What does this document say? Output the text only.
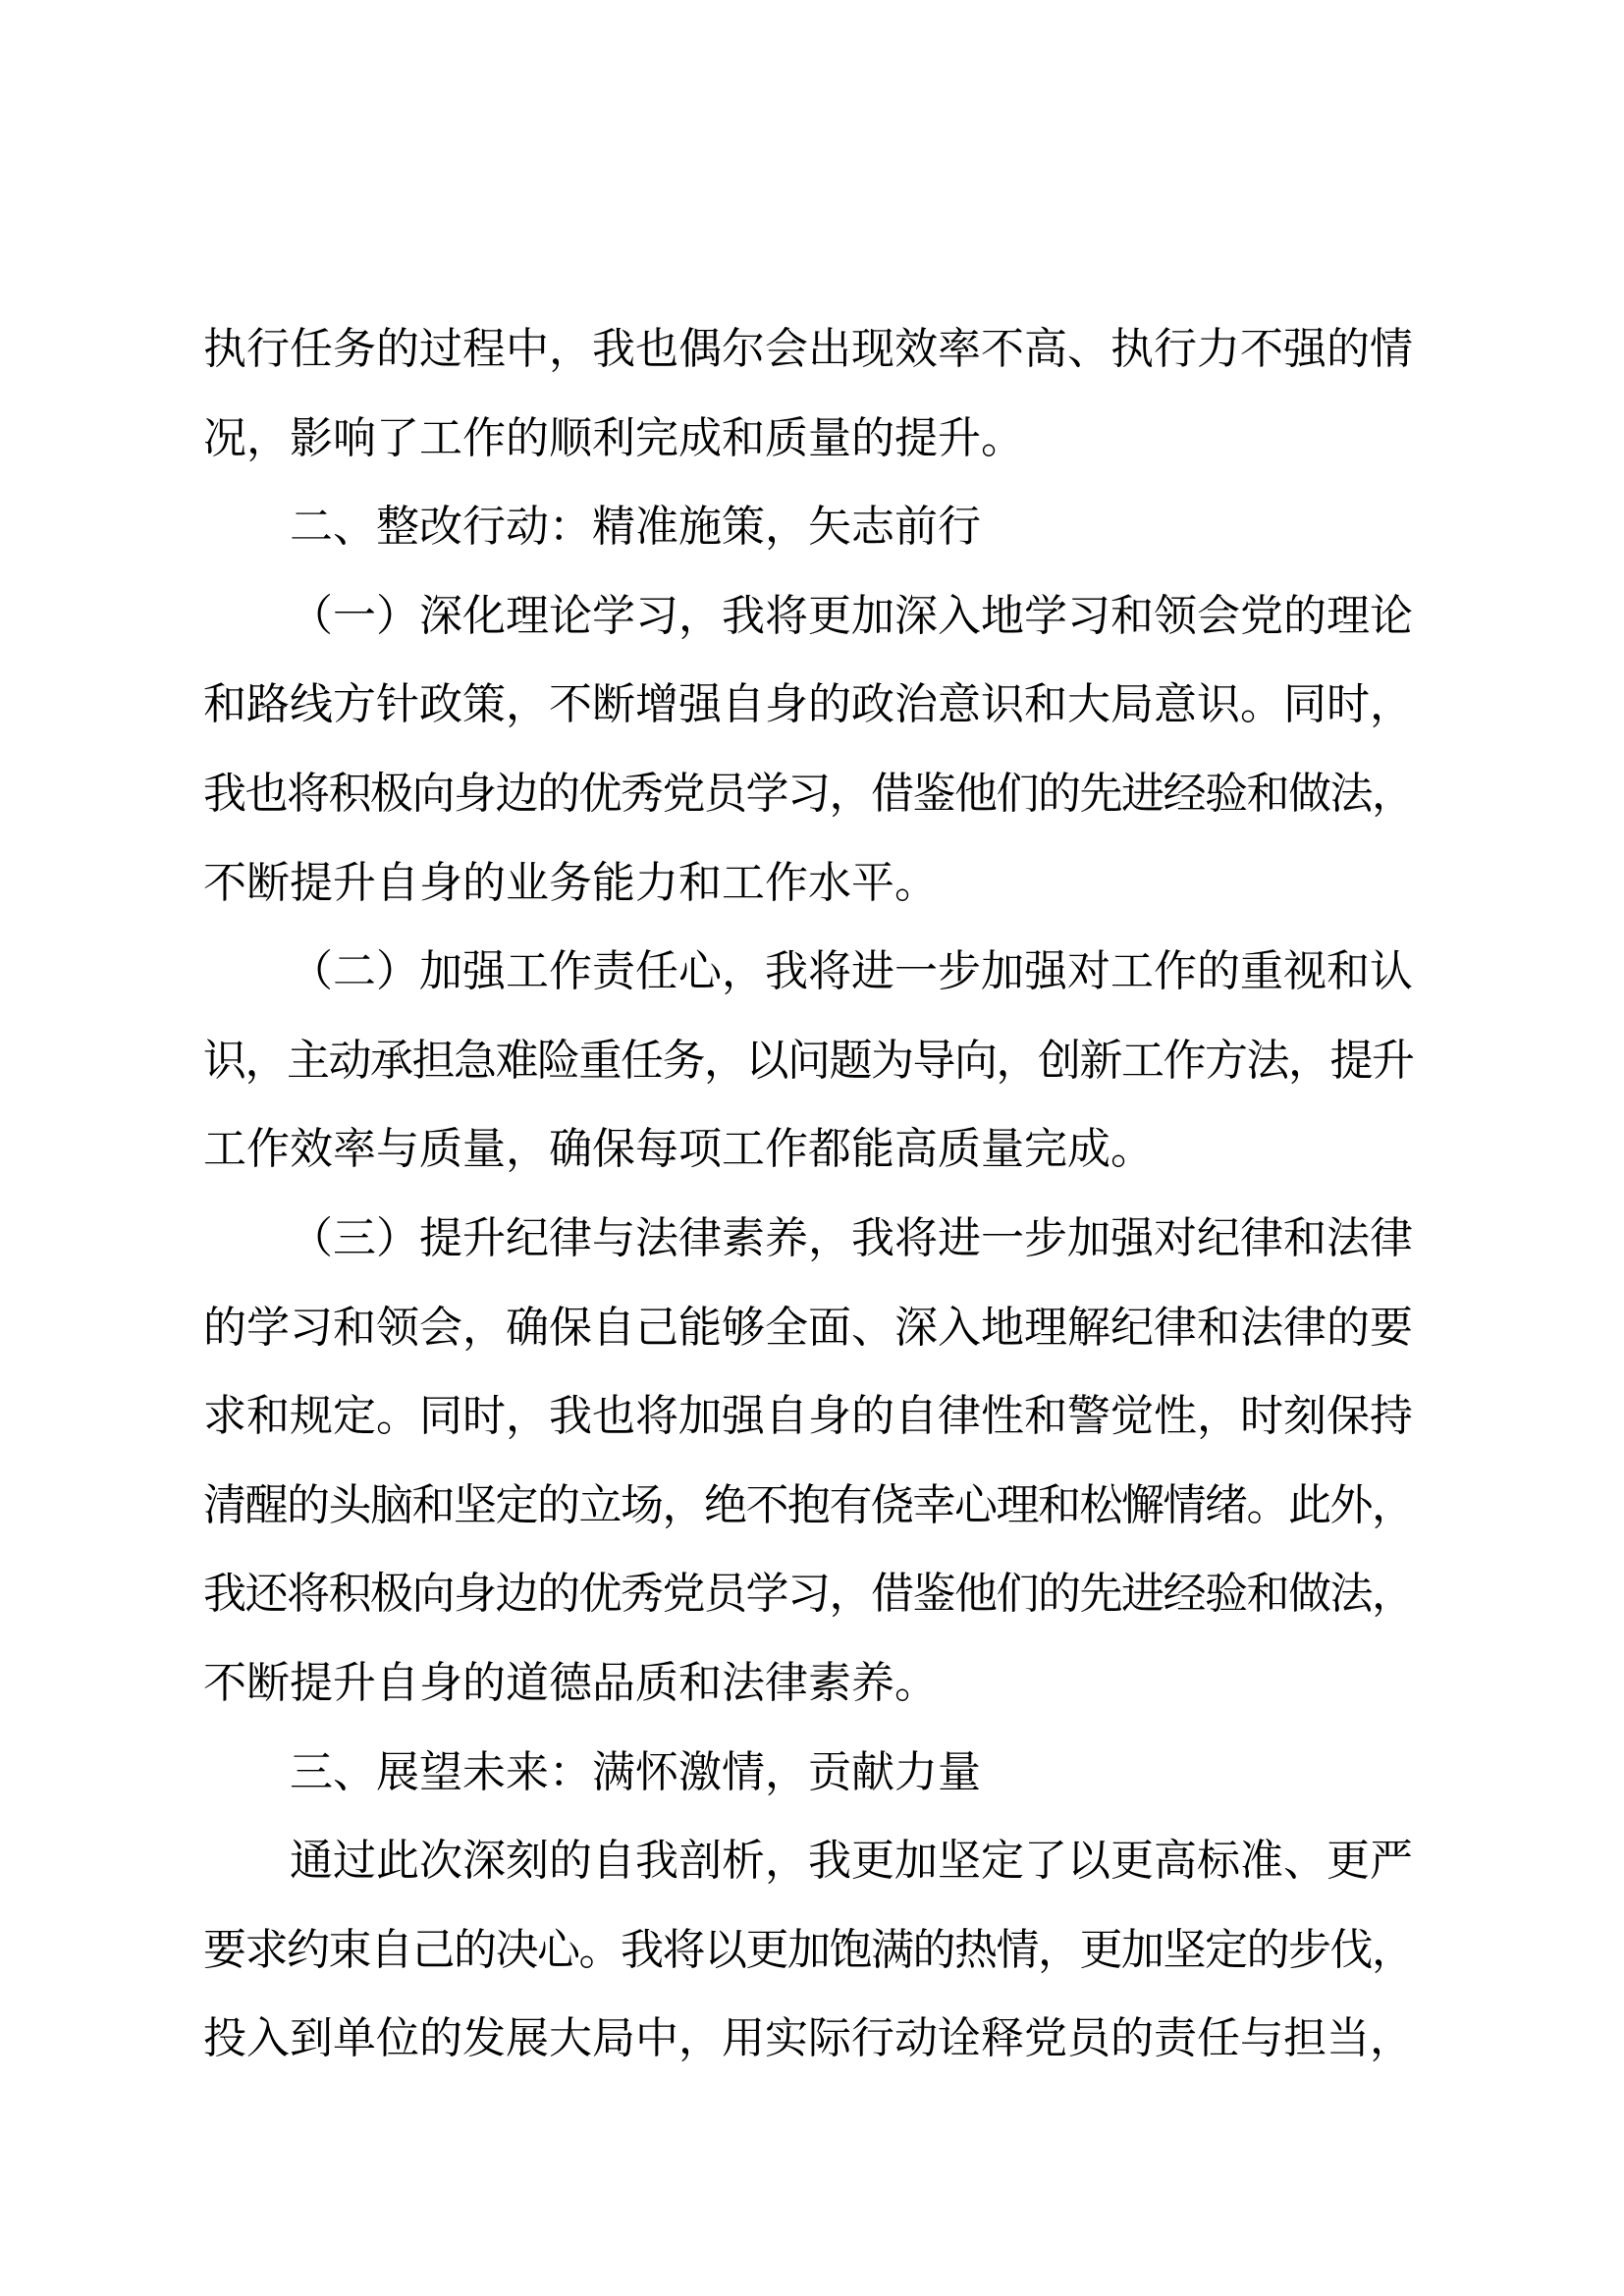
执行任务的过程中，我也偶尔会出现效率不高、执行力不强的情
况，影响了工作的顺利完成和质量的提升。
二、整改行动：精准施策，矢志前行
（一）深化理论学习，我将更加深入地学习和领会党的理论
和路线方针政策，不断增强自身的政治意识和大局意识。同时，
我也将积极向身边的优秀党员学习，借鉴他们的先进经验和做法，
不断提升自身的业务能力和工作水平。
（二）加强工作责任心，我将进一步加强对工作的重视和认
识，主动承担急难险重任务，以问题为导向，创新工作方法，提升
工作效率与质量，确保每项工作都能高质量完成。
（三）提升纪律与法律素养，我将进一步加强对纪律和法律
的学习和领会，确保自己能够全面、深入地理解纪律和法律的要
求和规定。同时，我也将加强自身的自律性和警觉性，时刻保持
清醒的头脑和坚定的立场，绝不抱有侥幸心理和松懈情绪。此外，
我还将积极向身边的优秀党员学习，借鉴他们的先进经验和做法，
不断提升自身的道德品质和法律素养。
三、展望未来：满怀激情，贡献力量
通过此次深刻的自我剖析，我更加坚定了以更高标准、更严
要求约束自己的决心。我将以更加饱满的热情，更加坚定的步伐，
投入到单位的发展大局中，用实际行动诠释党员的责任与担当，
